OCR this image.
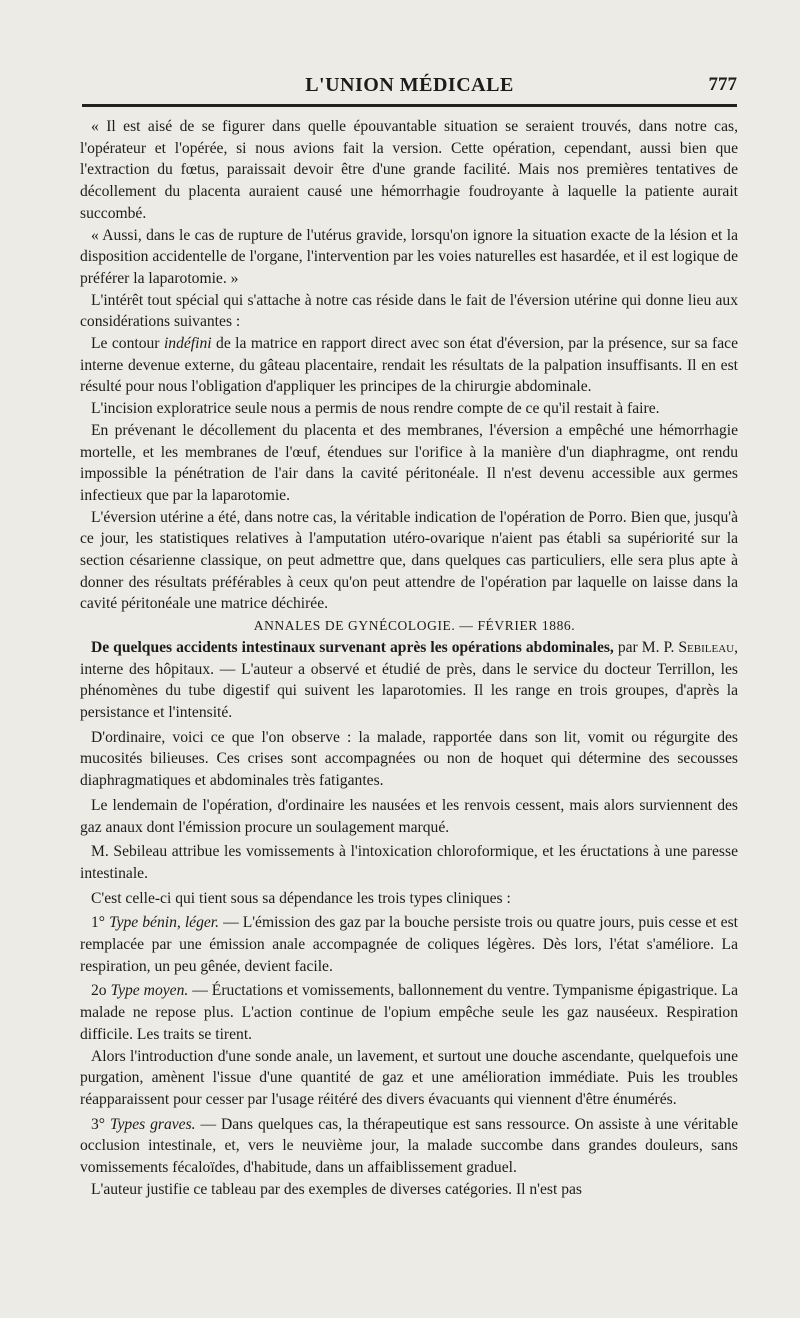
L'UNION MÉDICALE	777

« Il est aisé de se figurer dans quelle épouvantable situation se seraient trouvés, dans notre cas, l'opérateur et l'opérée, si nous avions fait la version. Cette opération, cependant, aussi bien que l'extraction du fœtus, paraissait devoir être d'une grande facilité. Mais nos premières tentatives de décollement du placenta auraient causé une hémorrhagie foudroyante à laquelle la patiente aurait succombé.

« Aussi, dans le cas de rupture de l'utérus gravide, lorsqu'on ignore la situation exacte de la lésion et la disposition accidentelle de l'organe, l'intervention par les voies naturelles est hasardée, et il est logique de préférer la laparotomie. »

L'intérêt tout spécial qui s'attache à notre cas réside dans le fait de l'éversion utérine qui donne lieu aux considérations suivantes :

Le contour indéfini de la matrice en rapport direct avec son état d'éversion, par la présence, sur sa face interne devenue externe, du gâteau placentaire, rendait les résultats de la palpation insuffisants. Il en est résulté pour nous l'obligation d'appliquer les principes de la chirurgie abdominale.

L'incision exploratrice seule nous a permis de nous rendre compte de ce qu'il restait à faire.

En prévenant le décollement du placenta et des membranes, l'éversion a empêché une hémorrhagie mortelle, et les membranes de l'œuf, étendues sur l'orifice à la manière d'un diaphragme, ont rendu impossible la pénétration de l'air dans la cavité péritonéale. Il n'est devenu accessible aux germes infectieux que par la laparotomie.

L'éversion utérine a été, dans notre cas, la véritable indication de l'opération de Porro. Bien que, jusqu'à ce jour, les statistiques relatives à l'amputation utéro-ovarique n'aient pas établi sa supériorité sur la section césarienne classique, on peut admettre que, dans quelques cas particuliers, elle sera plus apte à donner des résultats préférables à ceux qu'on peut attendre de l'opération par laquelle on laisse dans la cavité péritonéale une matrice déchirée.

ANNALES DE GYNÉCOLOGIE. — FÉVRIER 1886.

De quelques accidents intestinaux survenant après les opérations abdominales, par M. P. Sebileau, interne des hôpitaux. — L'auteur a observé et étudié de près, dans le service du docteur Terrillon, les phénomènes du tube digestif qui suivent les laparotomies. Il les range en trois groupes, d'après la persistance et l'intensité.

D'ordinaire, voici ce que l'on observe : la malade, rapportée dans son lit, vomit ou régurgite des mucosités bilieuses. Ces crises sont accompagnées ou non de hoquet qui détermine des secousses diaphragmatiques et abdominales très fatigantes.

Le lendemain de l'opération, d'ordinaire les nausées et les renvois cessent, mais alors surviennent des gaz anaux dont l'émission procure un soulagement marqué.

M. Sebileau attribue les vomissements à l'intoxication chloroformique, et les éructations à une paresse intestinale.

C'est celle-ci qui tient sous sa dépendance les trois types cliniques :

1° Type bénin, léger. — L'émission des gaz par la bouche persiste trois ou quatre jours, puis cesse et est remplacée par une émission anale accompagnée de coliques légères. Dès lors, l'état s'améliore. La respiration, un peu gênée, devient facile.

2o Type moyen. — Éructations et vomissements, ballonnement du ventre. Tympanisme épigastrique. La malade ne repose plus. L'action continue de l'opium empêche seule les gaz nauséeux. Respiration difficile. Les traits se tirent.

Alors l'introduction d'une sonde anale, un lavement, et surtout une douche ascendante, quelquefois une purgation, amènent l'issue d'une quantité de gaz et une amélioration immédiate. Puis les troubles réapparaissent pour cesser par l'usage réitéré des divers évacuants qui viennent d'être énumérés.

3° Types graves. — Dans quelques cas, la thérapeutique est sans ressource. On assiste à une véritable occlusion intestinale, et, vers le neuvième jour, la malade succombe dans grandes douleurs, sans vomissements fécaloïdes, d'habitude, dans un affaiblissement graduel.

L'auteur justifie ce tableau par des exemples de diverses catégories. Il n'est pas
